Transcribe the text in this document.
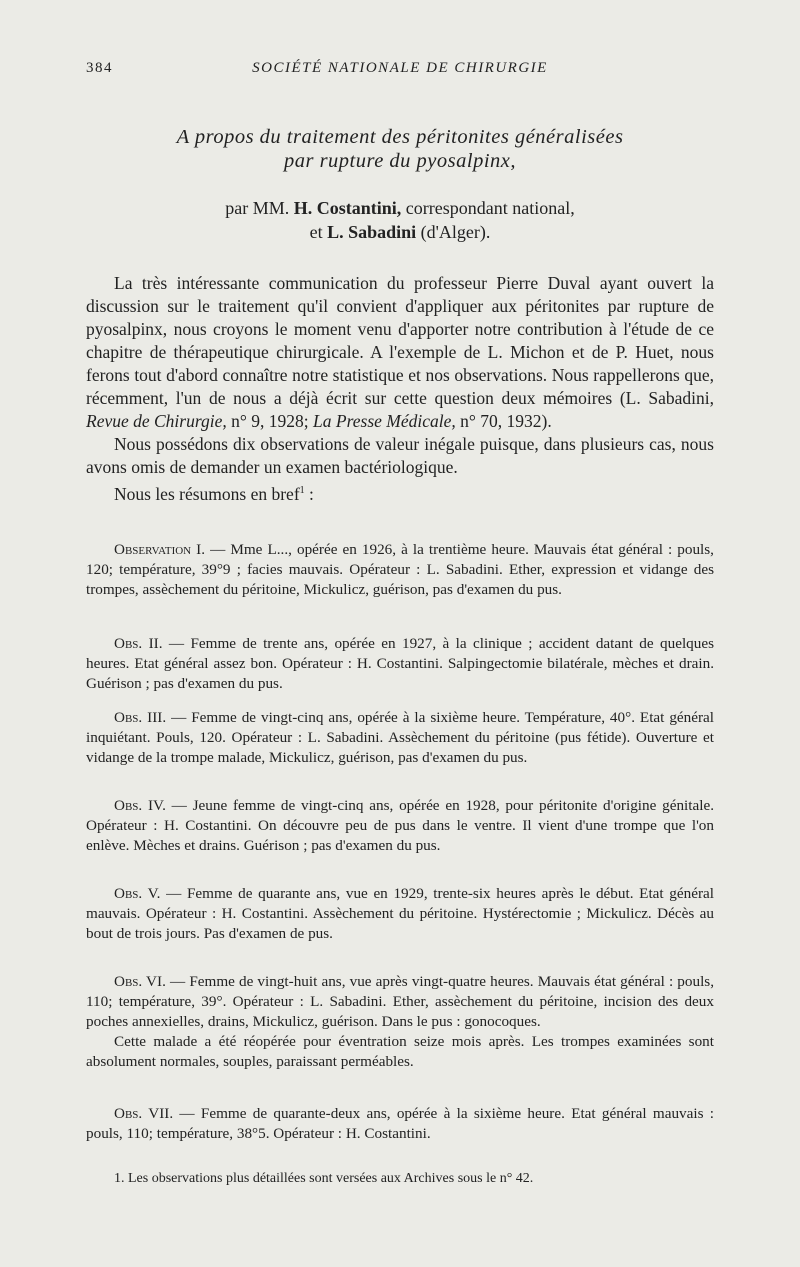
384	SOCIÉTÉ NATIONALE DE CHIRURGIE
A propos du traitement des péritonites généralisées
par rupture du pyosalpinx,
par MM. H. Costantini, correspondant national,
et L. Sabadini (d'Alger).

La très intéressante communication du professeur Pierre Duval ayant ouvert la discussion sur le traitement qu'il convient d'appliquer aux péritonites par rupture de pyosalpinx, nous croyons le moment venu d'apporter notre contribution à l'étude de ce chapitre de thérapeutique chirurgicale. A l'exemple de L. Michon et de P. Huet, nous ferons tout d'abord connaître notre statistique et nos observations. Nous rappellerons que, récemment, l'un de nous a déjà écrit sur cette question deux mémoires (L. Sabadini, Revue de Chirurgie, n° 9, 1928; La Presse Médicale, n° 70, 1932).

Nous possédons dix observations de valeur inégale puisque, dans plusieurs cas, nous avons omis de demander un examen bactériologique.

Nous les résumons en bref$^1$ :

Observation I. — Mme L..., opérée en 1926, à la trentième heure. Mauvais état général : pouls, 120; température, 39°9 ; facies mauvais. Opérateur : L. Sabadini. Ether, expression et vidange des trompes, assèchement du péritoine, Mickulicz, guérison, pas d'examen du pus.

Obs. II. — Femme de trente ans, opérée en 1927, à la clinique ; accident datant de quelques heures. Etat général assez bon. Opérateur : H. Costantini. Salpingectomie bilatérale, mèches et drain. Guérison ; pas d'examen du pus.

Obs. III. — Femme de vingt-cinq ans, opérée à la sixième heure. Température, 40°. Etat général inquiétant. Pouls, 120. Opérateur : L. Sabadini. Assèchement du péritoine (pus fétide). Ouverture et vidange de la trompe malade, Mickulicz, guérison, pas d'examen du pus.

Obs. IV. — Jeune femme de vingt-cinq ans, opérée en 1928, pour péritonite d'origine génitale. Opérateur : H. Costantini. On découvre peu de pus dans le ventre. Il vient d'une trompe que l'on enlève. Mèches et drains. Guérison ; pas d'examen du pus.

Obs. V. — Femme de quarante ans, vue en 1929, trente-six heures après le début. Etat général mauvais. Opérateur : H. Costantini. Assèchement du péritoine. Hystérectomie ; Mickulicz. Décès au bout de trois jours. Pas d'examen de pus.

Obs. VI. — Femme de vingt-huit ans, vue après vingt-quatre heures. Mauvais état général : pouls, 110; température, 39°. Opérateur : L. Sabadini. Ether, assèchement du péritoine, incision des deux poches annexielles, drains, Mickulicz, guérison. Dans le pus : gonocoques.

Cette malade a été réopérée pour éventration seize mois après. Les trompes examinées sont absolument normales, souples, paraissant perméables.

Obs. VII. — Femme de quarante-deux ans, opérée à la sixième heure. Etat général mauvais : pouls, 110; température, 38°5. Opérateur : H. Costantini.

1. Les observations plus détaillées sont versées aux Archives sous le n° 42.
